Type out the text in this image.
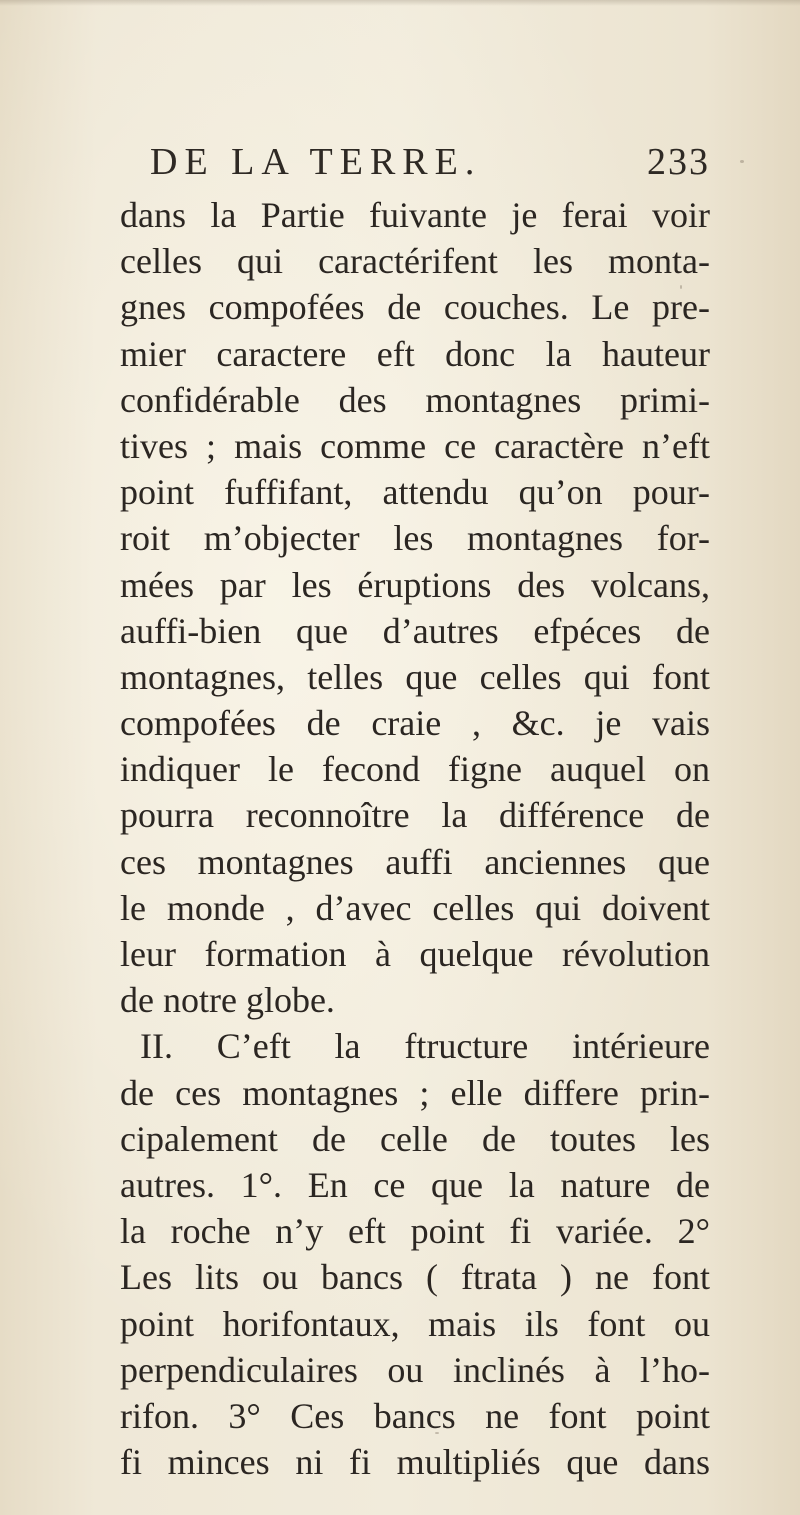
DE LA TERRE.	233
dans la Partie fuivante je ferai voir
celles qui caractérifent les monta-
gnes compofées de couches. Le pre-
mier caractere eft donc la hauteur
confidérable des montagnes primi-
tives ; mais comme ce caractère n’eft
point fuffifant, attendu qu’on pour-
roit m’objecter les montagnes for-
mées par les éruptions des volcans,
auffi-bien que d’autres efpéces de
montagnes, telles que celles qui font
compofées de craie , &c. je vais
indiquer le fecond figne auquel on
pourra reconnoître la différence de
ces montagnes auffi anciennes que
le monde , d’avec celles qui doivent
leur formation à quelque révolution
de notre globe.
II. C’eft la ftructure intérieure
de ces montagnes ; elle differe prin-
cipalement de celle de toutes les
autres. 1°. En ce que la nature de
la roche n’y eft point fi variée. 2°
Les lits ou bancs ( ftrata ) ne font
point horifontaux, mais ils font ou
perpendiculaires ou inclinés à l’ho-
rifon. 3° Ces bancs ne font point
fi minces ni fi multipliés que dans
